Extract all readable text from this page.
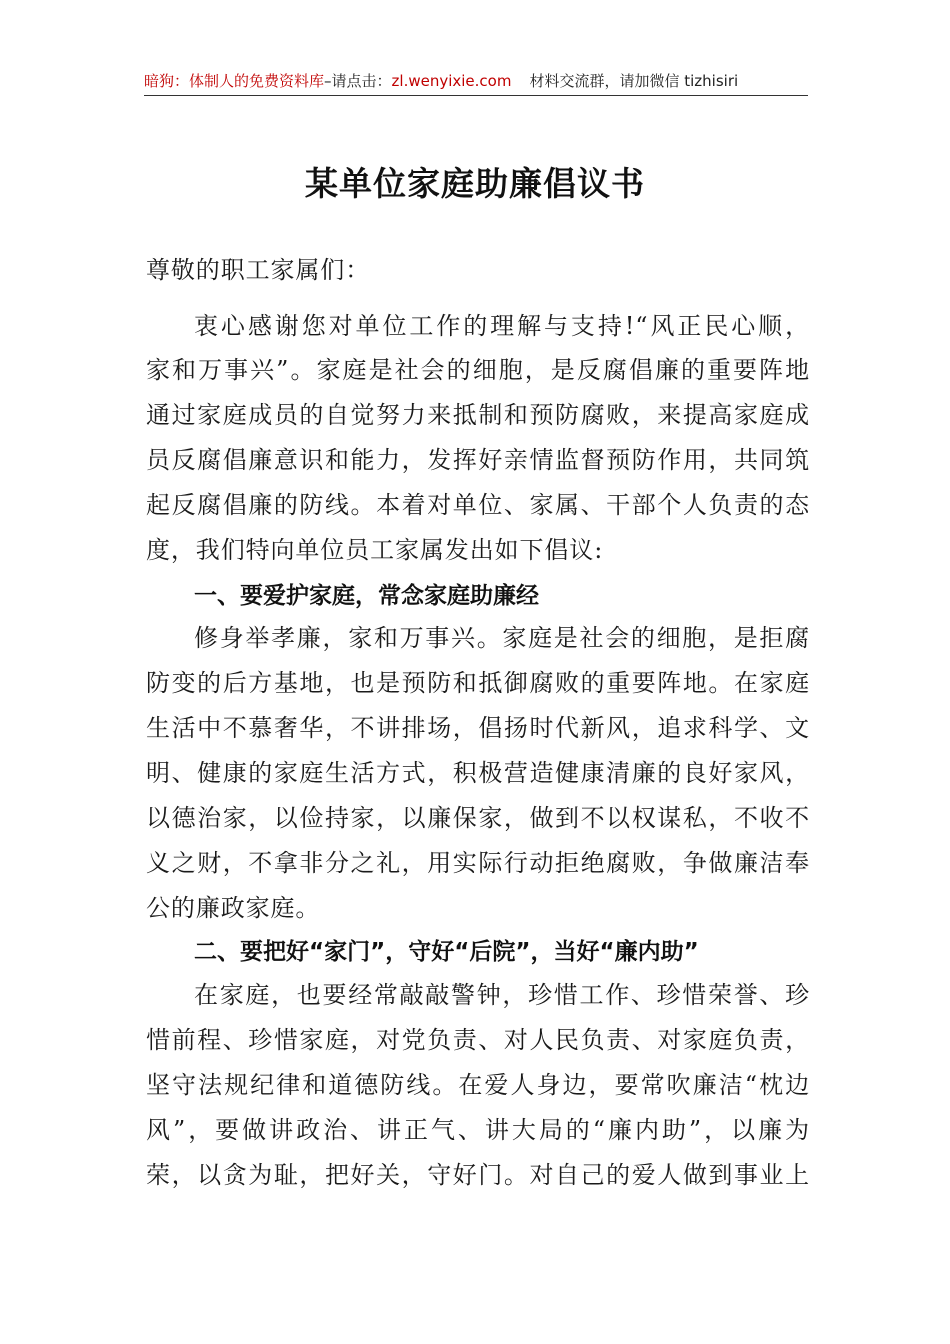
暗狗：体制人的免费资料库–请点击：zl.wenyixie.com 材料交流群，请加微信 tizhisiri
某单位家庭助廉倡议书
尊敬的职工家属们：
衷心感谢您对单位工作的理解与支持!“风正民心顺，
家和万事兴”。家庭是社会的细胞，是反腐倡廉的重要阵地
通过家庭成员的自觉努力来抵制和预防腐败，来提高家庭成
员反腐倡廉意识和能力，发挥好亲情监督预防作用，共同筑
起反腐倡廉的防线。本着对单位、家属、干部个人负责的态
度，我们特向单位员工家属发出如下倡议:
一、要爱护家庭，常念家庭助廉经
修身举孝廉，家和万事兴。家庭是社会的细胞，是拒腐
防变的后方基地，也是预防和抵御腐败的重要阵地。在家庭
生活中不慕奢华，不讲排场，倡扬时代新风，追求科学、文
明、健康的家庭生活方式，积极营造健康清廉的良好家风，
以德治家，以俭持家，以廉保家，做到不以权谋私，不收不
义之财，不拿非分之礼，用实际行动拒绝腐败，争做廉洁奉
公的廉政家庭。
二、要把好“家门”，守好“后院”，当好“廉内助”
在家庭，也要经常敲敲警钟，珍惜工作、珍惜荣誉、珍
惜前程、珍惜家庭，对党负责、对人民负责、对家庭负责，
坚守法规纪律和道德防线。在爱人身边，要常吹廉洁“枕边
风”，要做讲政治、讲正气、讲大局的“廉内助”，以廉为
荣，以贪为耻，把好关，守好门。对自己的爱人做到事业上
